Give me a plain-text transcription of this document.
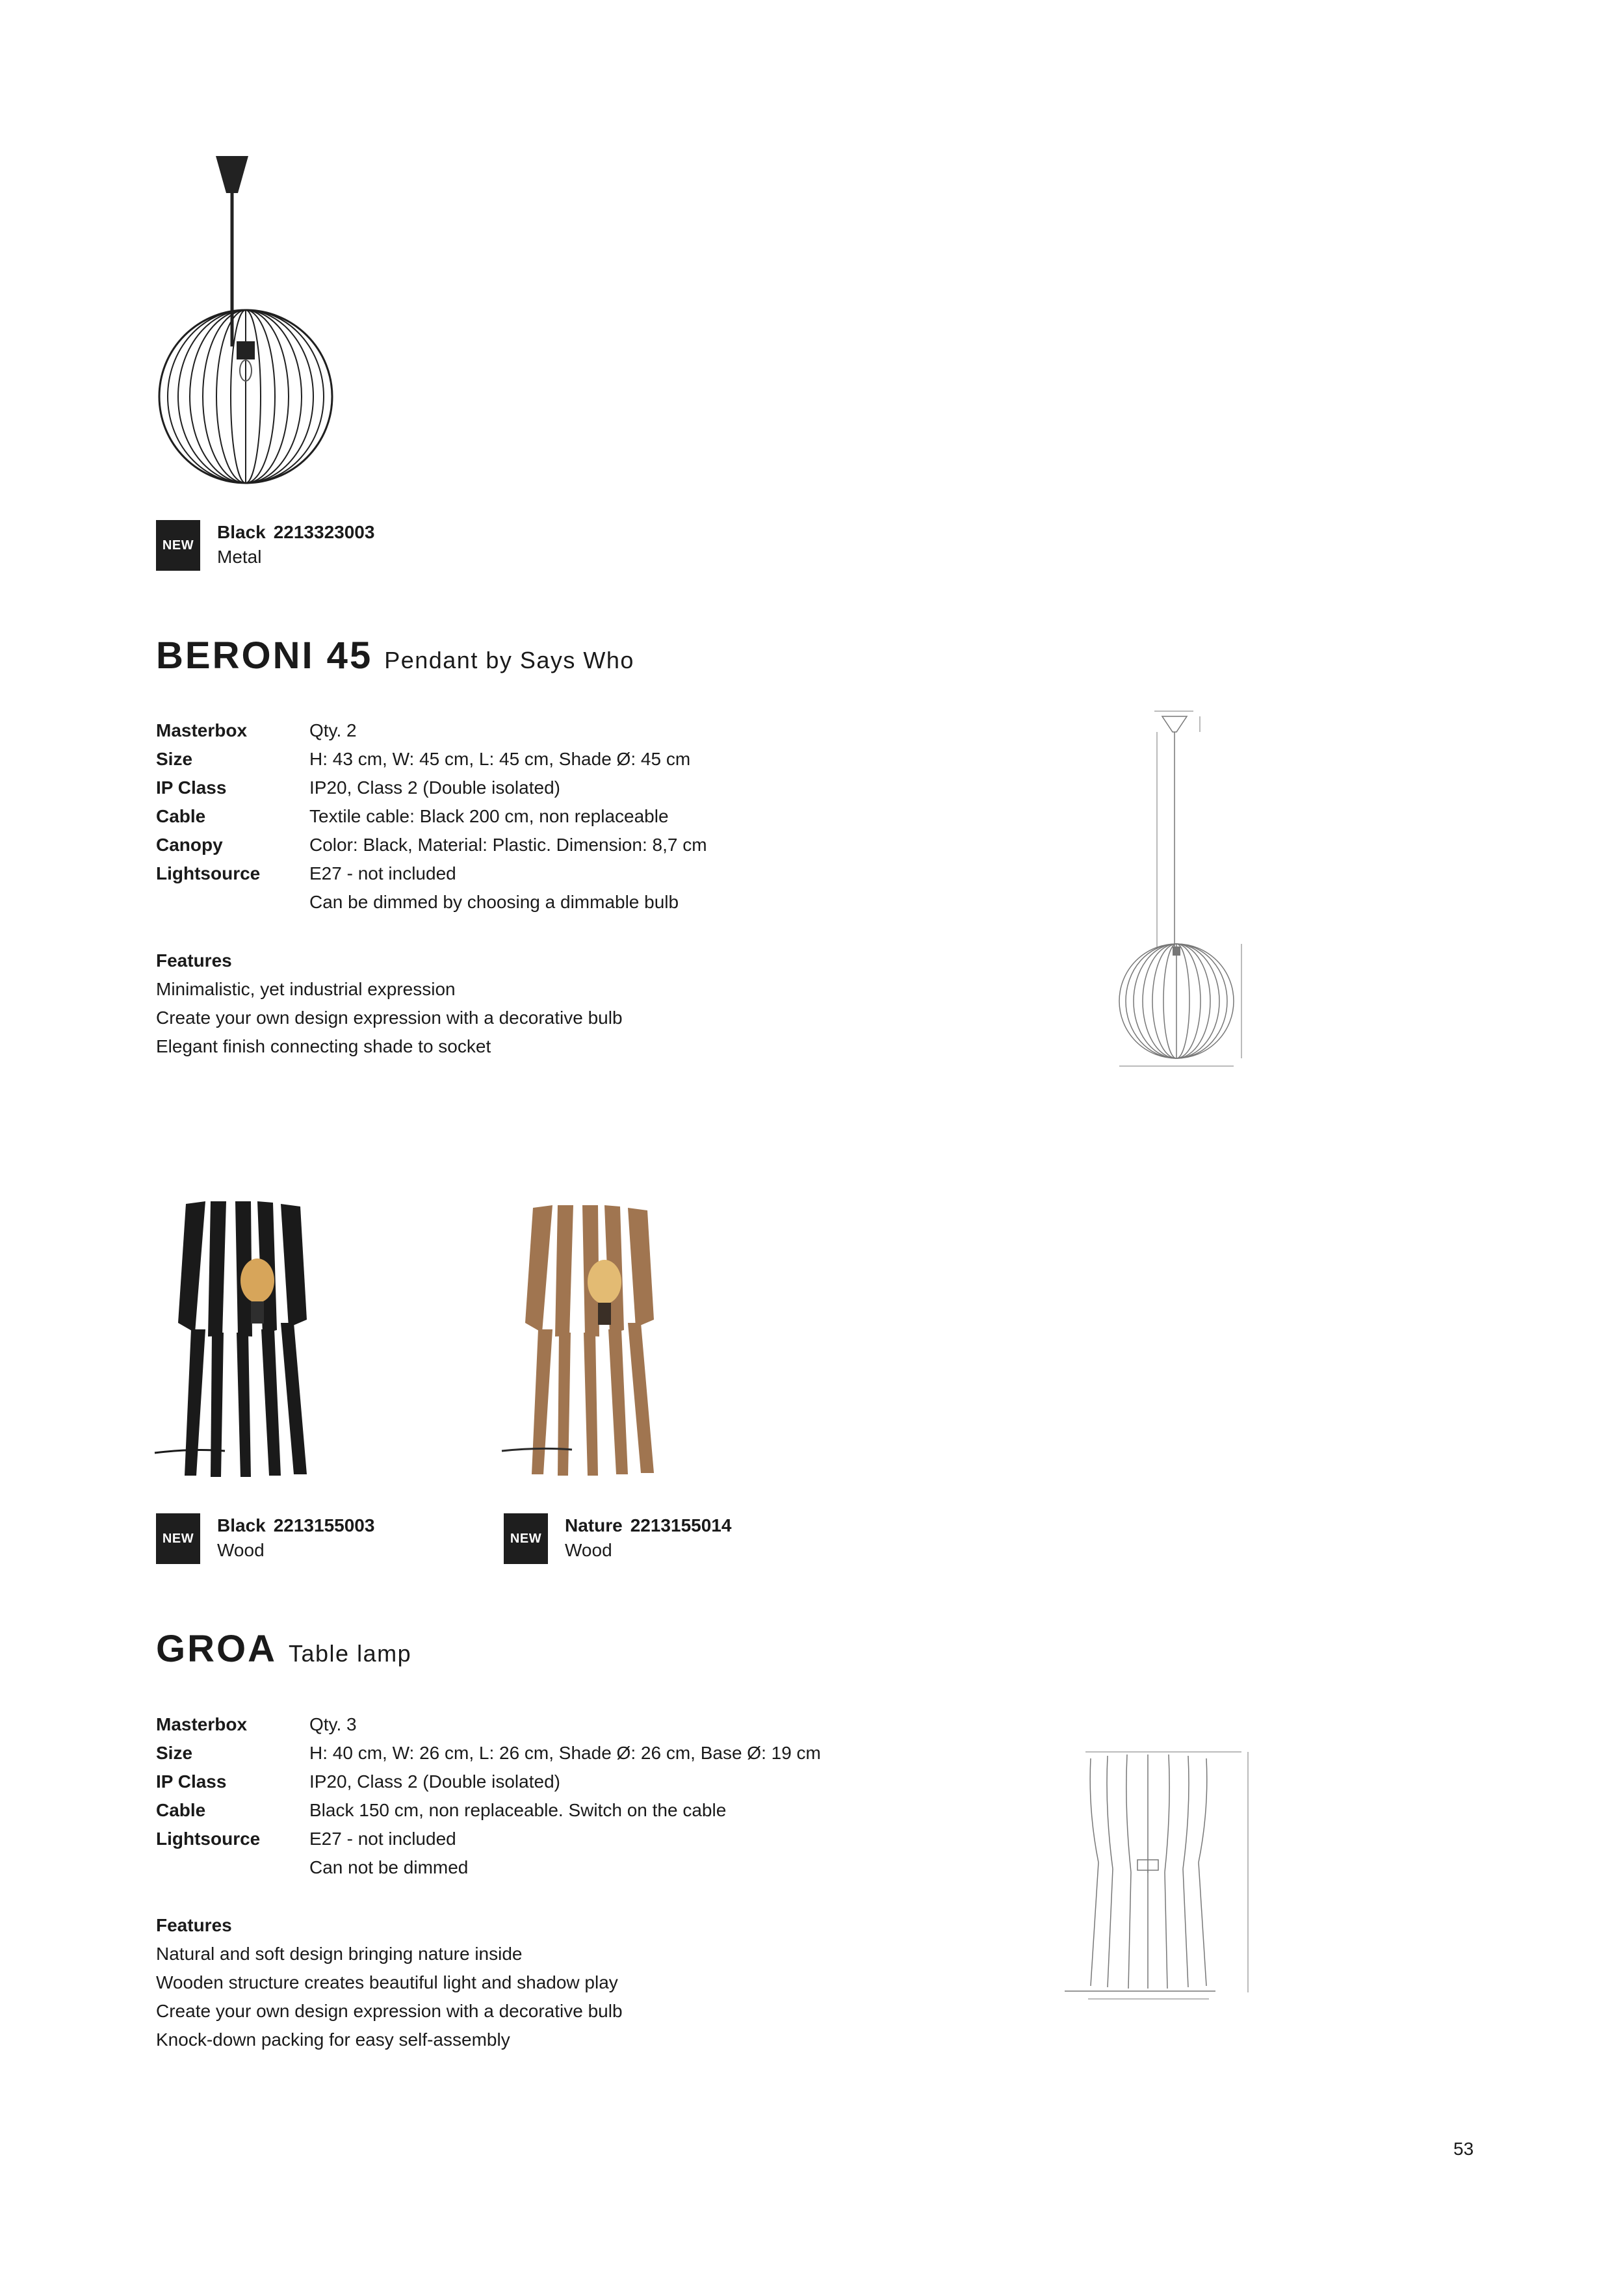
NEW
Black 2213323003
Metal
BERONI 45 Pendant by Says Who
Masterbox	Qty. 2
Size	H: 43 cm, W: 45 cm, L: 45 cm, Shade Ø: 45 cm
IP Class	IP20, Class 2 (Double isolated)
Cable	Textile cable: Black 200 cm, non replaceable
Canopy	Color: Black, Material: Plastic. Dimension: 8,7 cm
Lightsource	E27 - not included
Can be dimmed by choosing a dimmable bulb
Features
Minimalistic, yet industrial expression
Create your own design expression with a decorative bulb
Elegant finish connecting shade to socket
NEW
Black 2213155003
Wood
NEW
Nature 2213155014
Wood
GROA Table lamp
Masterbox	Qty. 3
Size	H: 40 cm, W: 26 cm, L: 26 cm, Shade Ø: 26 cm, Base Ø: 19 cm
IP Class	IP20, Class 2 (Double isolated)
Cable	Black 150 cm, non replaceable. Switch on the cable
Lightsource	E27 - not included
Can not be dimmed
Features
Natural and soft design bringing nature inside
Wooden structure creates beautiful light and shadow play
Create your own design expression with a decorative bulb
Knock-down packing for easy self-assembly
53
